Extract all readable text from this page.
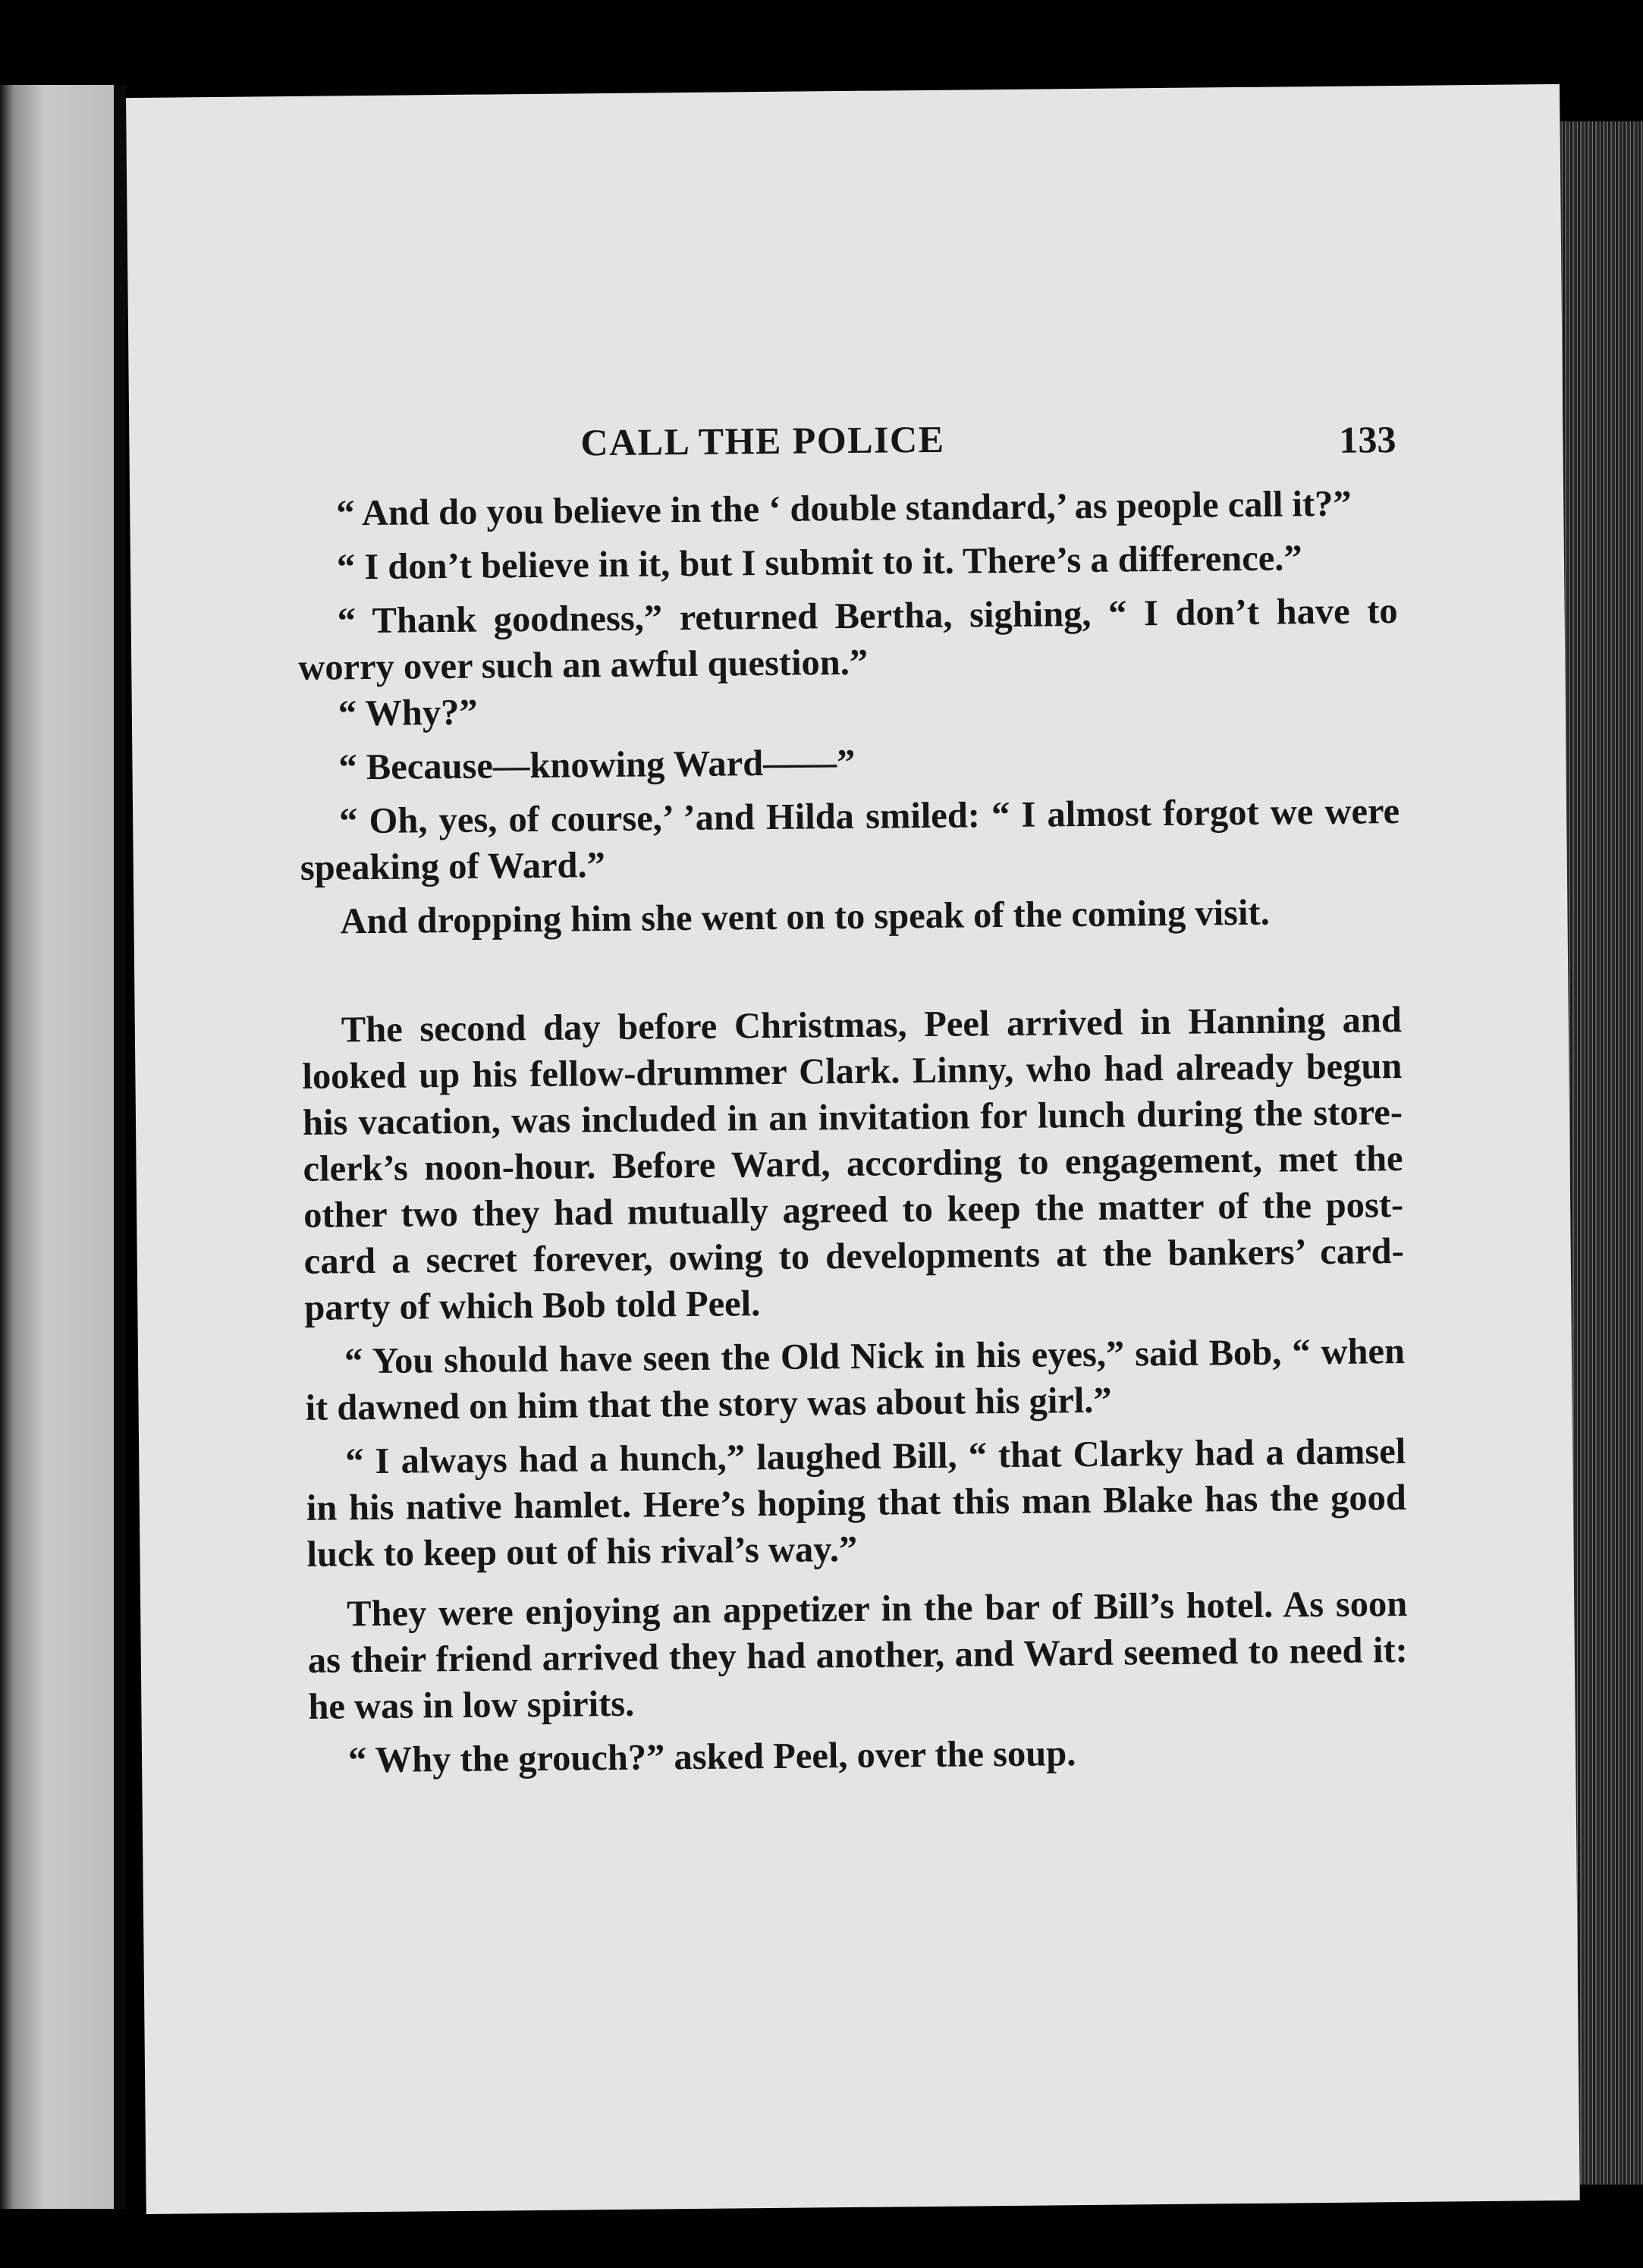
CALL THE POLICE	133

“ And do you believe in the ‘ double standard,’ as people call it?”

“ I don’t believe in it, but I submit to it. There’s a difference.”

“ Thank goodness,” returned Bertha, sighing, “ I don’t have to worry over such an awful question.”

“ Why?”

“ Because—knowing Ward——”

“ Oh, yes, of course,’ ’and Hilda smiled: “ I almost forgot we were speaking of Ward.”

And dropping him she went on to speak of the coming visit.

The second day before Christmas, Peel arrived in Hanning and looked up his fellow-drummer Clark. Linny, who had already begun his vacation, was included in an invitation for lunch during the store-clerk’s noon-hour. Before Ward, according to engagement, met the other two they had mutually agreed to keep the matter of the post-card a secret forever, owing to developments at the bankers’ card-party of which Bob told Peel.

“ You should have seen the Old Nick in his eyes,” said Bob, “ when it dawned on him that the story was about his girl.”

“ I always had a hunch,” laughed Bill, “ that Clarky had a damsel in his native hamlet. Here’s hoping that this man Blake has the good luck to keep out of his rival’s way.”

They were enjoying an appetizer in the bar of Bill’s hotel. As soon as their friend arrived they had another, and Ward seemed to need it: he was in low spirits.

“ Why the grouch?” asked Peel, over the soup.
